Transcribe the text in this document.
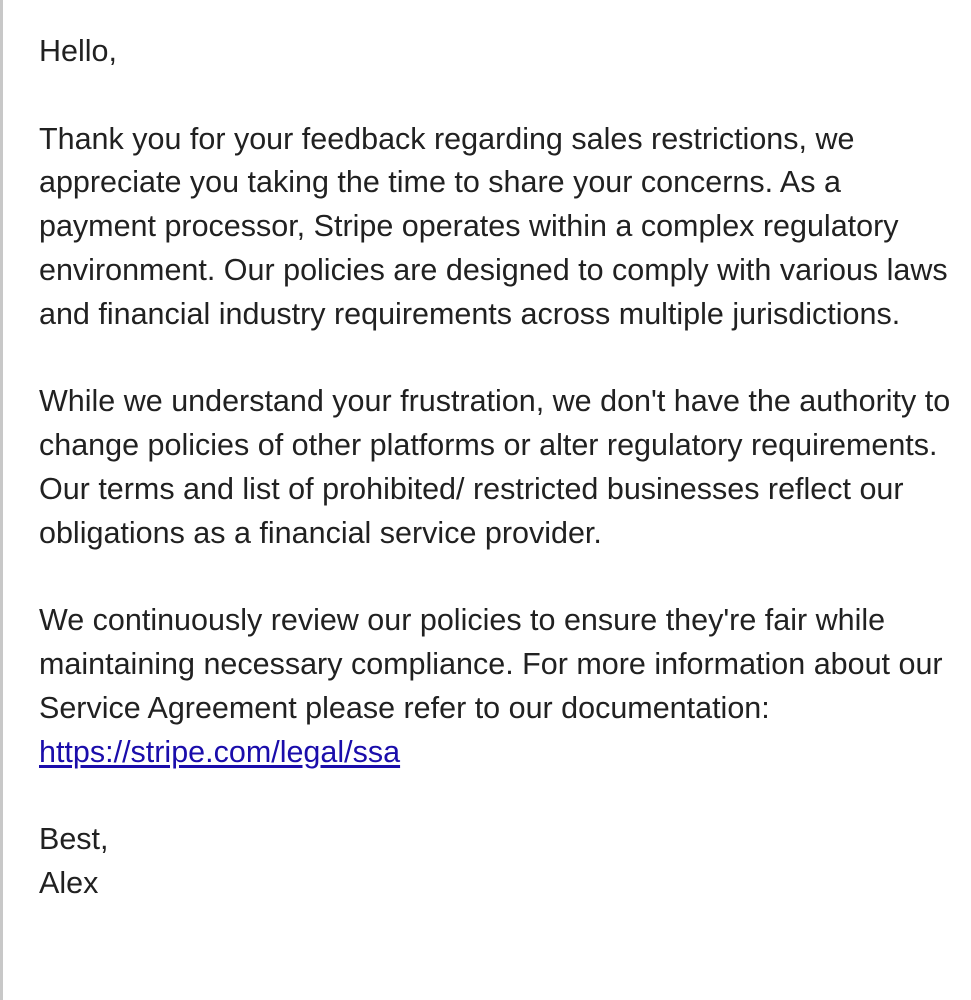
Hello,

Thank you for your feedback regarding sales restrictions, we appreciate you taking the time to share your concerns. As a payment processor, Stripe operates within a complex regulatory environment. Our policies are designed to comply with various laws and financial industry requirements across multiple jurisdictions.

While we understand your frustration, we don't have the authority to change policies of other platforms or alter regulatory requirements. Our terms and list of prohibited/ restricted businesses reflect our obligations as a financial service provider.

We continuously review our policies to ensure they're fair while maintaining necessary compliance. For more information about our Service Agreement please refer to our documentation: https://stripe.com/legal/ssa

Best,

Alex
